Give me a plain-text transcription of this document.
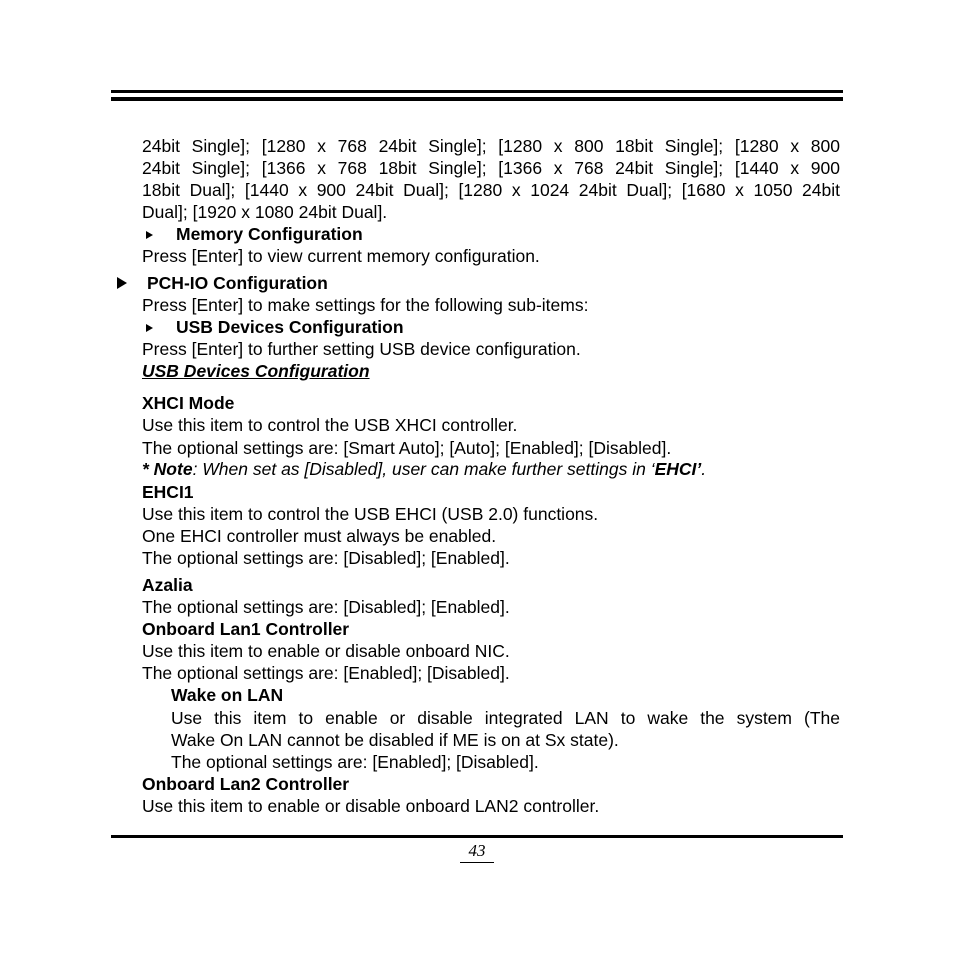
24bit Single]; [1280 x 768 24bit Single]; [1280 x 800 18bit Single]; [1280 x 800
24bit Single]; [1366 x 768 18bit Single]; [1366 x 768 24bit Single]; [1440 x 900
18bit Dual]; [1440 x 900 24bit Dual]; [1280 x 1024 24bit Dual]; [1680 x 1050 24bit
Dual]; [1920 x 1080 24bit Dual].
Memory Configuration
Press [Enter] to view current memory configuration.
PCH-IO Configuration
Press [Enter] to make settings for the following sub-items:
USB Devices Configuration
Press [Enter] to further setting USB device configuration.
USB Devices Configuration
XHCI Mode
Use this item to control the USB XHCI controller.
The optional settings are: [Smart Auto]; [Auto]; [Enabled]; [Disabled].
* Note: When set as [Disabled], user can make further settings in ‘EHCI’.
EHCI1
Use this item to control the USB EHCI (USB 2.0) functions.
One EHCI controller must always be enabled.
The optional settings are: [Disabled]; [Enabled].
Azalia
The optional settings are: [Disabled]; [Enabled].
Onboard Lan1 Controller
Use this item to enable or disable onboard NIC.
The optional settings are: [Enabled]; [Disabled].
Wake on LAN
Use this item to enable or disable integrated LAN to wake the system (The
Wake On LAN cannot be disabled if ME is on at Sx state).
The optional settings are: [Enabled]; [Disabled].
Onboard Lan2 Controller
Use this item to enable or disable onboard LAN2 controller.
43
